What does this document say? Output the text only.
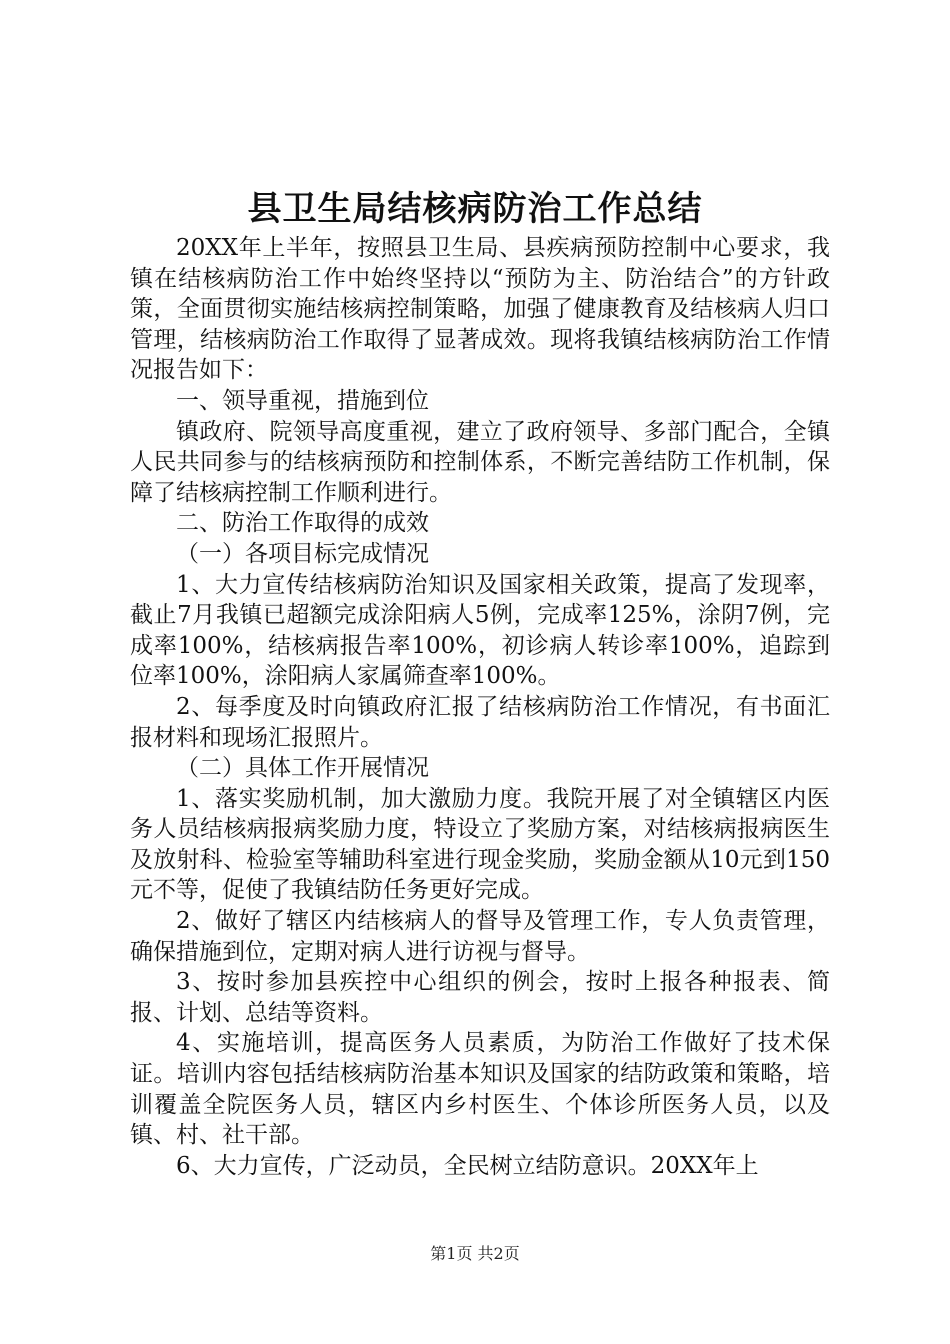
县卫生局结核病防治工作总结

20XX年上半年，按照县卫生局、县疾病预防控制中心要求，我镇在结核病防治工作中始终坚持以“预防为主、防治结合”的方针政策，全面贯彻实施结核病控制策略，加强了健康教育及结核病人归口管理，结核病防治工作取得了显著成效。现将我镇结核病防治工作情况报告如下：

一、领导重视，措施到位

镇政府、院领导高度重视，建立了政府领导、多部门配合，全镇人民共同参与的结核病预防和控制体系，不断完善结防工作机制，保障了结核病控制工作顺利进行。

二、防治工作取得的成效

（一）各项目标完成情况

1、大力宣传结核病防治知识及国家相关政策，提高了发现率，截止7月我镇已超额完成涂阳病人5例，完成率125%，涂阴7例，完成率100%，结核病报告率100%，初诊病人转诊率100%，追踪到位率100%，涂阳病人家属筛查率100%。

2、每季度及时向镇政府汇报了结核病防治工作情况，有书面汇报材料和现场汇报照片。

（二）具体工作开展情况

1、落实奖励机制，加大激励力度。我院开展了对全镇辖区内医务人员结核病报病奖励力度，特设立了奖励方案，对结核病报病医生及放射科、检验室等辅助科室进行现金奖励，奖励金额从10元到150元不等，促使了我镇结防任务更好完成。

2、做好了辖区内结核病人的督导及管理工作，专人负责管理，确保措施到位，定期对病人进行访视与督导。

3、按时参加县疾控中心组织的例会，按时上报各种报表、简报、计划、总结等资料。

4、实施培训，提高医务人员素质，为防治工作做好了技术保证。培训内容包括结核病防治基本知识及国家的结防政策和策略，培训覆盖全院医务人员，辖区内乡村医生、个体诊所医务人员，以及镇、村、社干部。

6、大力宣传，广泛动员，全民树立结防意识。20XX年上

第1页 共2页
